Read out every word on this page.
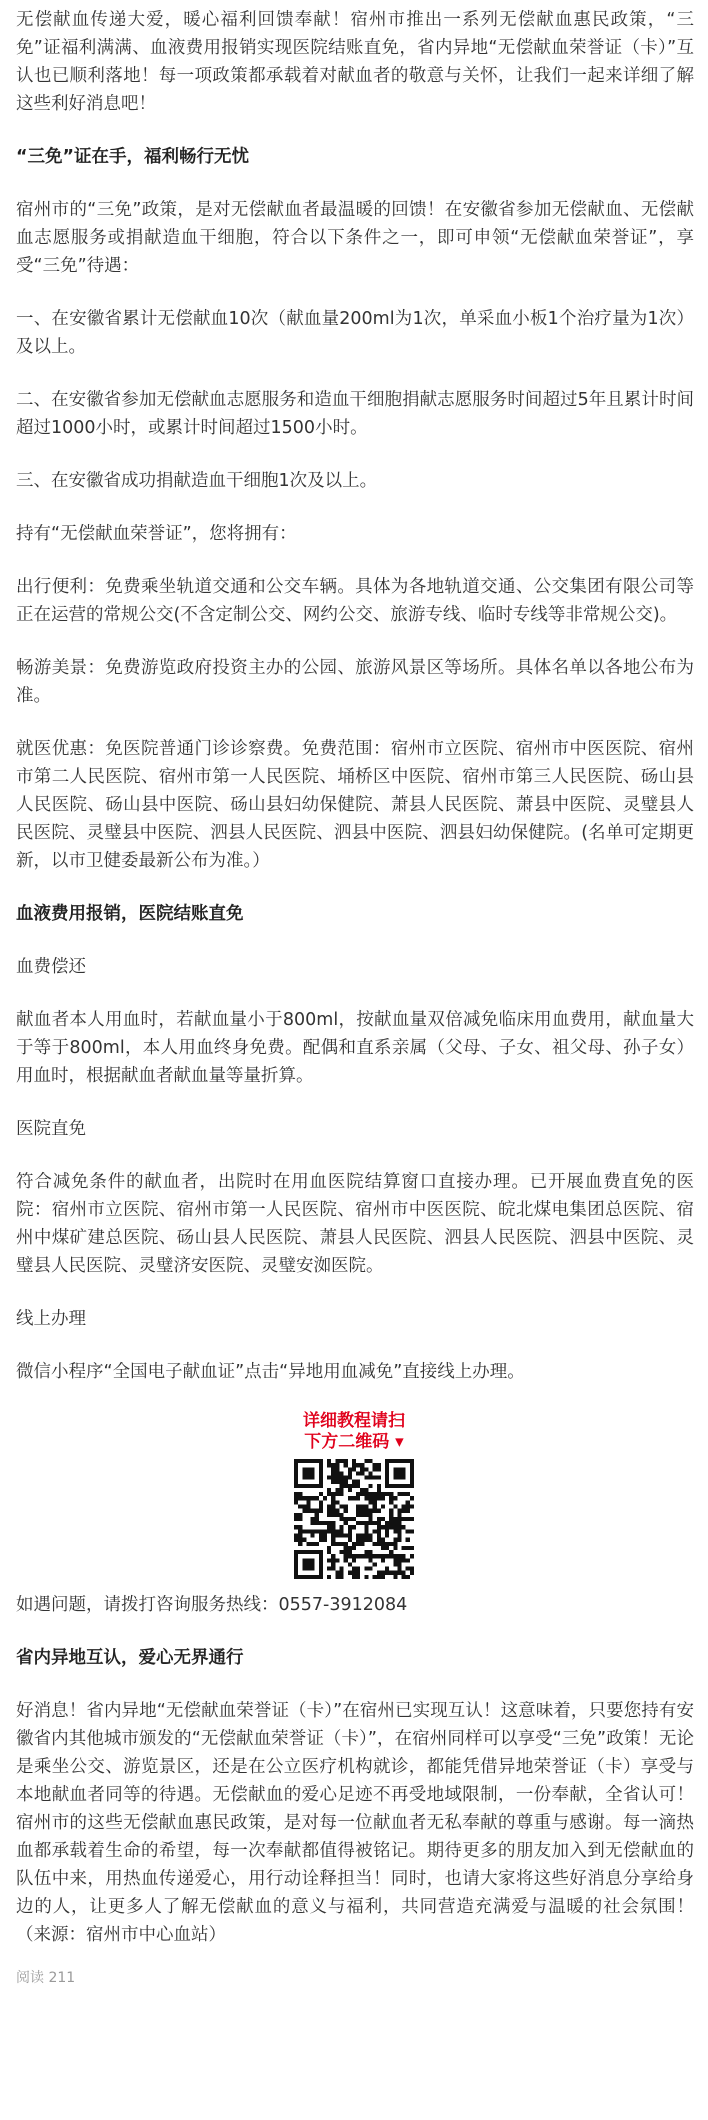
无偿献血传递大爱，暖心福利回馈奉献！宿州市推出一系列无偿献血惠民政策，“三免”证福利满满、血液费用报销实现医院结账直免，省内异地“无偿献血荣誉证（卡）”互认也已顺利落地！每一项政策都承载着对献血者的敬意与关怀，让我们一起来详细了解这些利好消息吧！

“三免”证在手，福利畅行无忧

宿州市的“三免”政策，是对无偿献血者最温暖的回馈！在安徽省参加无偿献血、无偿献血志愿服务或捐献造血干细胞，符合以下条件之一，即可申领“无偿献血荣誉证”，享受“三免”待遇：

一、在安徽省累计无偿献血10次（献血量200ml为1次，单采血小板1个治疗量为1次）及以上。

二、在安徽省参加无偿献血志愿服务和造血干细胞捐献志愿服务时间超过5年且累计时间超过1000小时，或累计时间超过1500小时。

三、在安徽省成功捐献造血干细胞1次及以上。

持有“无偿献血荣誉证”，您将拥有：

出行便利：免费乘坐轨道交通和公交车辆。具体为各地轨道交通、公交集团有限公司等正在运营的常规公交(不含定制公交、网约公交、旅游专线、临时专线等非常规公交)。

畅游美景：免费游览政府投资主办的公园、旅游风景区等场所。具体名单以各地公布为准。

就医优惠：免医院普通门诊诊察费。免费范围：宿州市立医院、宿州市中医医院、宿州市第二人民医院、宿州市第一人民医院、埇桥区中医院、宿州市第三人民医院、砀山县人民医院、砀山县中医院、砀山县妇幼保健院、萧县人民医院、萧县中医院、灵璧县人民医院、灵璧县中医院、泗县人民医院、泗县中医院、泗县妇幼保健院。(名单可定期更新，以市卫健委最新公布为准。）

血液费用报销，医院结账直免

血费偿还

献血者本人用血时，若献血量小于800ml，按献血量双倍减免临床用血费用，献血量大于等于800ml，本人用血终身免费。配偶和直系亲属（父母、子女、祖父母、孙子女）用血时，根据献血者献血量等量折算。

医院直免

符合减免条件的献血者，出院时在用血医院结算窗口直接办理。已开展血费直免的医院：宿州市立医院、宿州市第一人民医院、宿州市中医医院、皖北煤电集团总医院、宿州中煤矿建总医院、砀山县人民医院、萧县人民医院、泗县人民医院、泗县中医院、灵璧县人民医院、灵璧济安医院、灵璧安洳医院。

线上办理

微信小程序“全国电子献血证”点击“异地用血减免”直接线上办理。

详细教程请扫
下方二维码 ▾

如遇问题，请拨打咨询服务热线：0557-3912084

省内异地互认，爱心无界通行

好消息！省内异地“无偿献血荣誉证（卡）”在宿州已实现互认！这意味着，只要您持有安徽省内其他城市颁发的“无偿献血荣誉证（卡）”，在宿州同样可以享受“三免”政策！无论是乘坐公交、游览景区，还是在公立医疗机构就诊，都能凭借异地荣誉证（卡）享受与本地献血者同等的待遇。无偿献血的爱心足迹不再受地域限制，一份奉献，全省认可！ 宿州市的这些无偿献血惠民政策，是对每一位献血者无私奉献的尊重与感谢。每一滴热血都承载着生命的希望，每一次奉献都值得被铭记。期待更多的朋友加入到无偿献血的队伍中来，用热血传递爱心，用行动诠释担当！同时，也请大家将这些好消息分享给身边的人，让更多人了解无偿献血的意义与福利，共同营造充满爱与温暖的社会氛围！（来源：宿州市中心血站）

阅读 211
